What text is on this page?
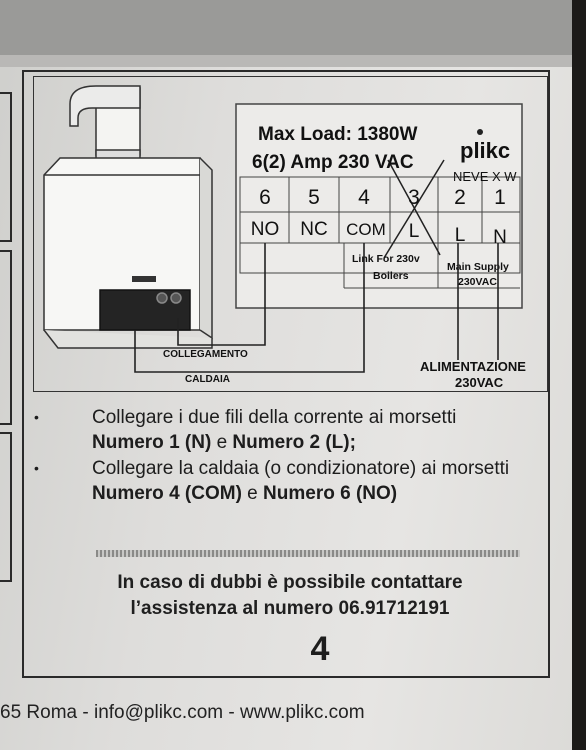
Max Load: 1380W
6(2) Amp 230 VAC plikc
NEVE X W
6 5 4 3 2 1
NO NC COM L L N
Link For 230v
Boilers
Main Supply
230VAC
COLLEGAMENTO
CALDAIA
ALIMENTAZIONE
230VAC
•	Collegare i due fili della corrente ai morsetti
Numero 1 (N) e Numero 2 (L);
•	Collegare la caldaia (o condizionatore) ai morsetti Numero 4 (COM) e Numero 6 (NO)
In caso di dubbi è possibile contattare
l’assistenza al numero 06.91712191
4
65 Roma - info@plikc.com - www.plikc.com
